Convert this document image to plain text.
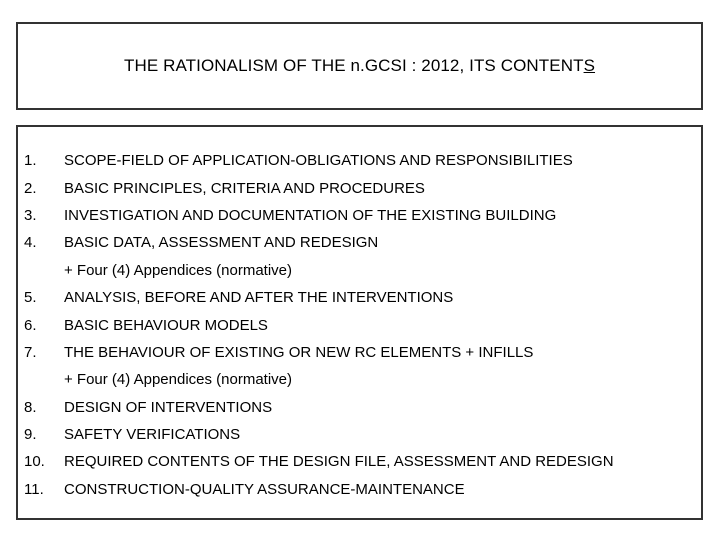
THE RATIONALISM OF THE n.GCSI : 2012, ITS CONTENTS
1.	SCOPE-FIELD OF APPLICATION-OBLIGATIONS AND RESPONSIBILITIES
2.	BASIC PRINCIPLES, CRITERIA AND PROCEDURES
3.	INVESTIGATION AND DOCUMENTATION OF THE EXISTING BUILDING
4.	BASIC DATA, ASSESSMENT AND REDESIGN
+ Four (4) Appendices (normative)
5.	ANALYSIS, BEFORE AND AFTER THE INTERVENTIONS
6.	BASIC BEHAVIOUR MODELS
7.	THE BEHAVIOUR OF EXISTING OR NEW RC ELEMENTS + INFILLS
+ Four (4) Appendices (normative)
8.	DESIGN OF INTERVENTIONS
9.	SAFETY VERIFICATIONS
10.	REQUIRED CONTENTS OF THE DESIGN FILE, ASSESSMENT AND REDESIGN
11.	CONSTRUCTION-QUALITY ASSURANCE-MAINTENANCE
